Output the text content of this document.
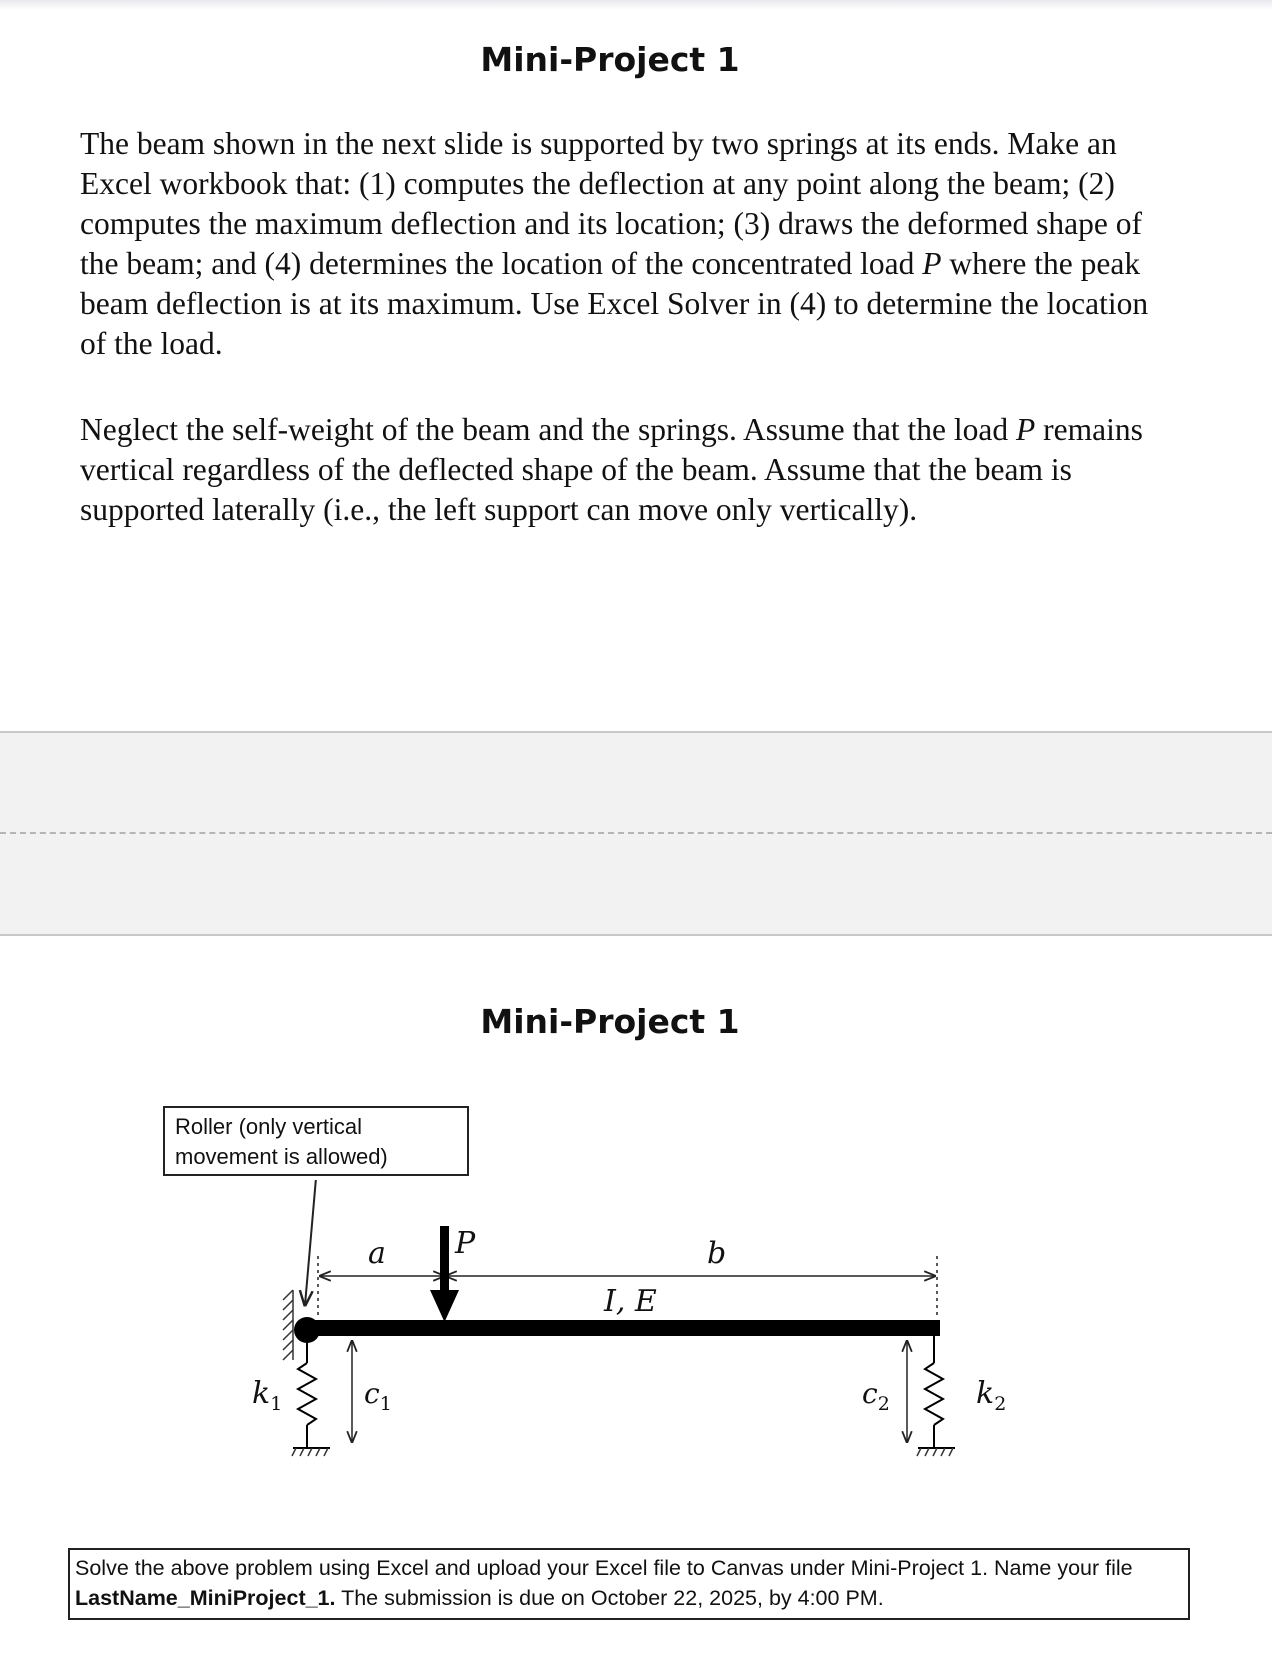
Mini-Project 1

The beam shown in the next slide is supported by two springs at its ends. Make an Excel workbook that: (1) computes the deflection at any point along the beam; (2) computes the maximum deflection and its location; (3) draws the deformed shape of the beam; and (4) determines the location of the concentrated load P where the peak beam deflection is at its maximum. Use Excel Solver in (4) to determine the location of the load.

Neglect the self-weight of the beam and the springs. Assume that the load P remains vertical regardless of the deflected shape of the beam. Assume that the beam is supported laterally (i.e., the left support can move only vertically).

Mini-Project 1
Roller (only vertical movement is allowed)
a	b
P
I, E
$k_1$	$k_2$
$c_1$	$c_2$
Solve the above problem using Excel and upload your Excel file to Canvas under Mini-Project 1. Name your file LastName_MiniProject_1. The submission is due on October 22, 2025, by 4:00 PM.
